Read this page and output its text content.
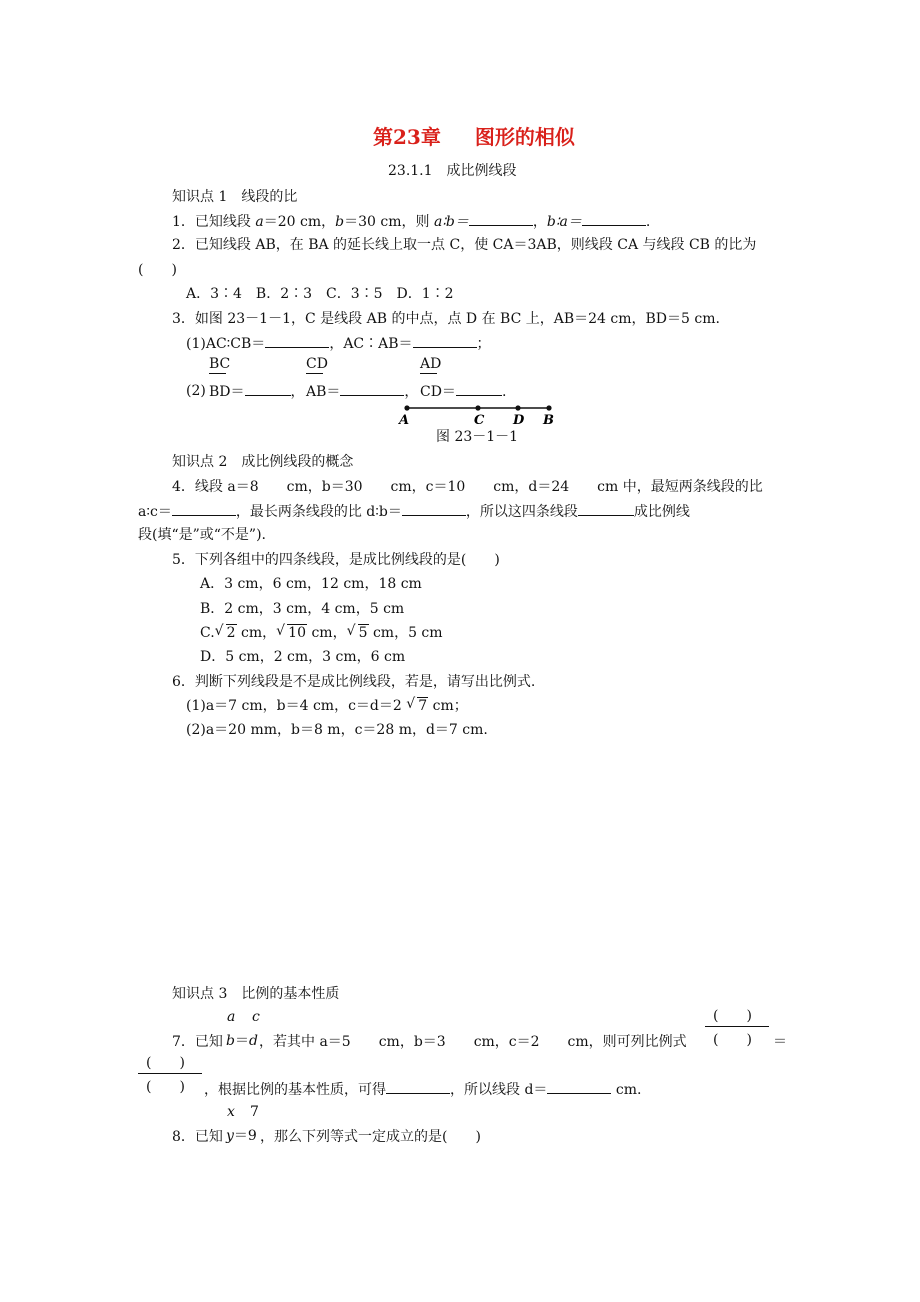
第23章 图形的相似
23.1.1　成比例线段
知识点 1　线段的比
1．已知线段 a＝20 cm，b＝30 cm，则 a∶b＝	，b∶a＝	.
2．已知线段 AB，在 BA 的延长线上取一点 C，使 CA＝3AB，则线段 CA 与线段 CB 的比为
(　　)
A．3∶4　B．2∶3　C．3∶5　D．1∶2
3．如图 23－1－1，C 是线段 AB 的中点，点 D 在 BC 上，AB＝24 cm，BD＝5 cm.
(1)AC∶CB＝	，AC∶AB＝	；
(2)
BC
BD＝	，
CD
AB＝	，
AD
CD＝	.
A	C D B
图 23－1－1
知识点 2　成比例线段的概念
4．线段 a＝8　　cm，b＝30　　cm，c＝10　　cm，d＝24　　cm 中，最短两条线段的比
a∶c＝	，最长两条线段的比 d∶b＝	，所以这四条线段	成比例线
段(填“是”或“不是”).
5．下列各组中的四条线段，是成比例线段的是(　　)
A．3 cm，6 cm，12 cm，18 cm
B．2 cm，3 cm，4 cm，5 cm
C. √ 2 cm， √ 10 cm， √ 5 cm，5 cm
D．5 cm，2 cm，3 cm，6 cm
6．判断下列线段是不是成比例线段，若是，请写出比例式.
(1)a＝7 cm，b＝4 cm，c＝d＝2 √ 7 cm；
(2)a＝20 mm，b＝8 m，c＝28 m，d＝7 cm.
知识点 3　比例的基本性质
7．已知
a c
b＝d ，若其中 a＝5　　cm，b＝3　　cm，c＝2　　cm，则可列比例式
(　　)
(　　) ＝
(　　)
(　　) ，根据比例的基本性质，可得	，所以线段 d＝	cm.
8．已知
x 7
y＝9 ，那么下列等式一定成立的是(　　)
